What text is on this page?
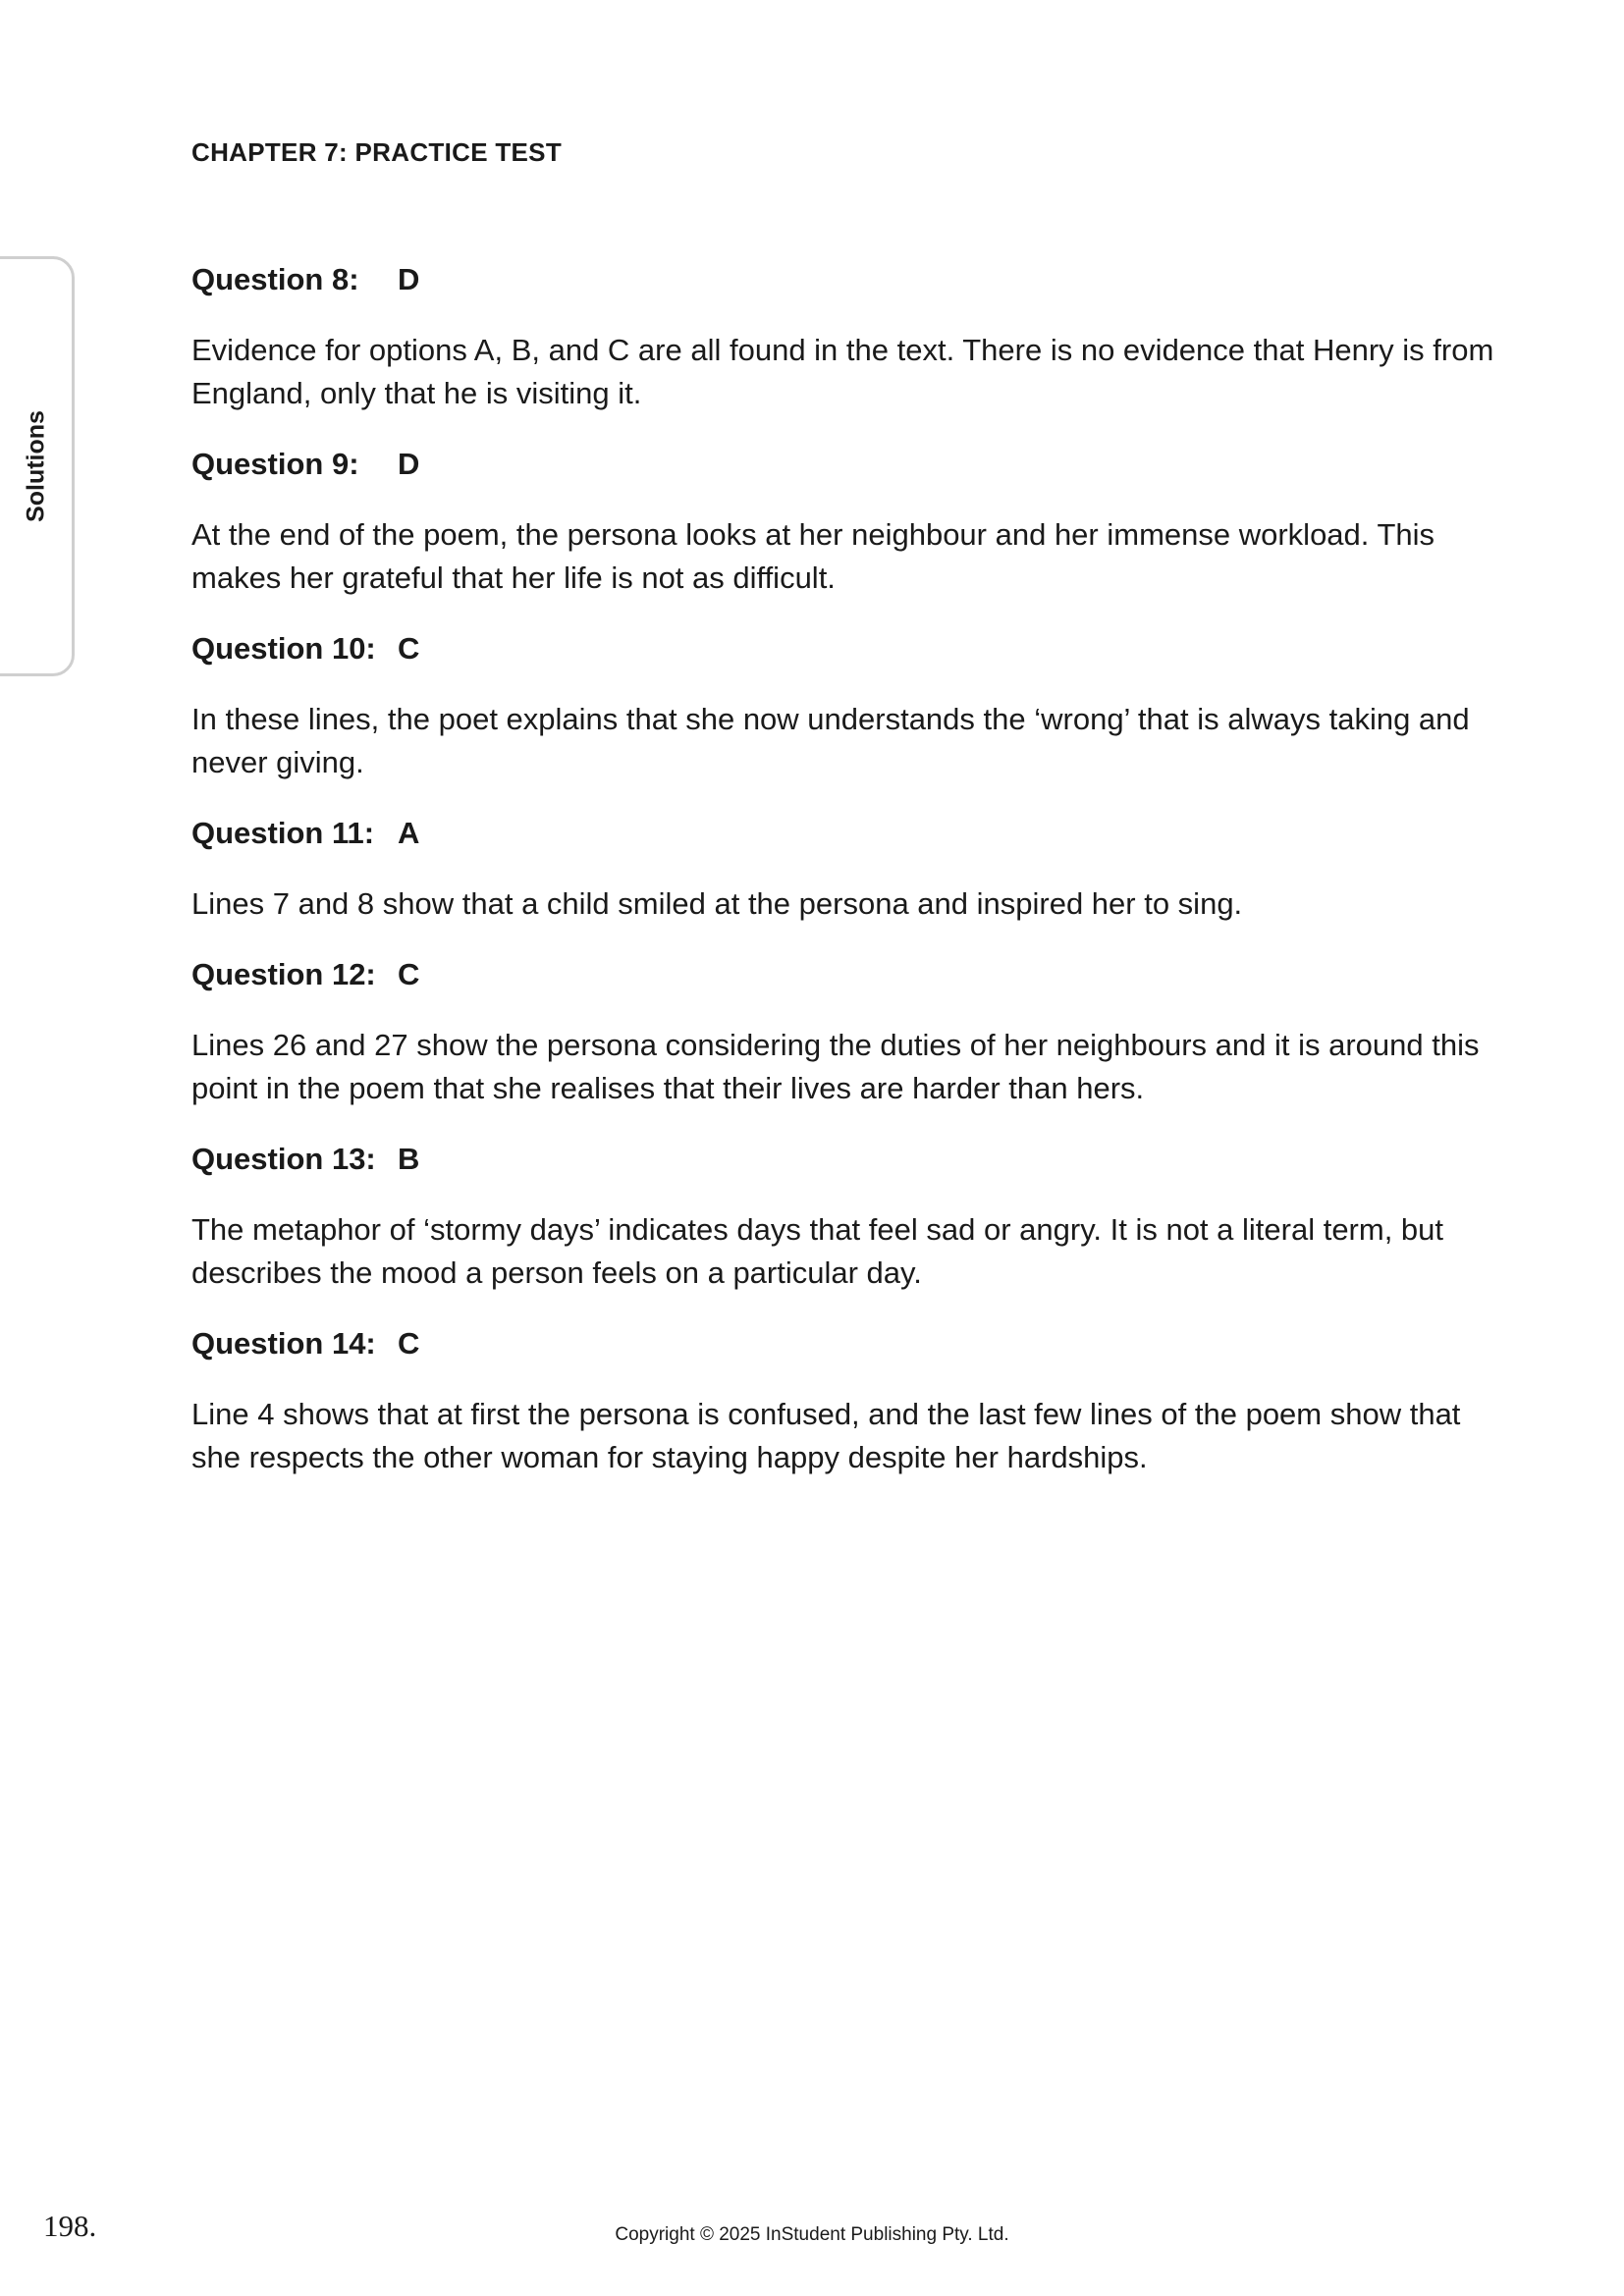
CHAPTER 7: PRACTICE TEST
Solutions
Question 8: D

Evidence for options A, B, and C are all found in the text. There is no evidence that Henry is from England, only that he is visiting it.

Question 9: D

At the end of the poem, the persona looks at her neighbour and her immense workload. This makes her grateful that her life is not as difficult.

Question 10: C

In these lines, the poet explains that she now understands the ‘wrong’ that is always taking and never giving.

Question 11: A

Lines 7 and 8 show that a child smiled at the persona and inspired her to sing.

Question 12: C

Lines 26 and 27 show the persona considering the duties of her neighbours and it is around this point in the poem that she realises that their lives are harder than hers.

Question 13: B

The metaphor of ‘stormy days’ indicates days that feel sad or angry. It is not a literal term, but describes the mood a person feels on a particular day.

Question 14: C

Line 4 shows that at first the persona is confused, and the last few lines of the poem show that she respects the other woman for staying happy despite her hardships.

198.	Copyright © 2025 InStudent Publishing Pty. Ltd.
